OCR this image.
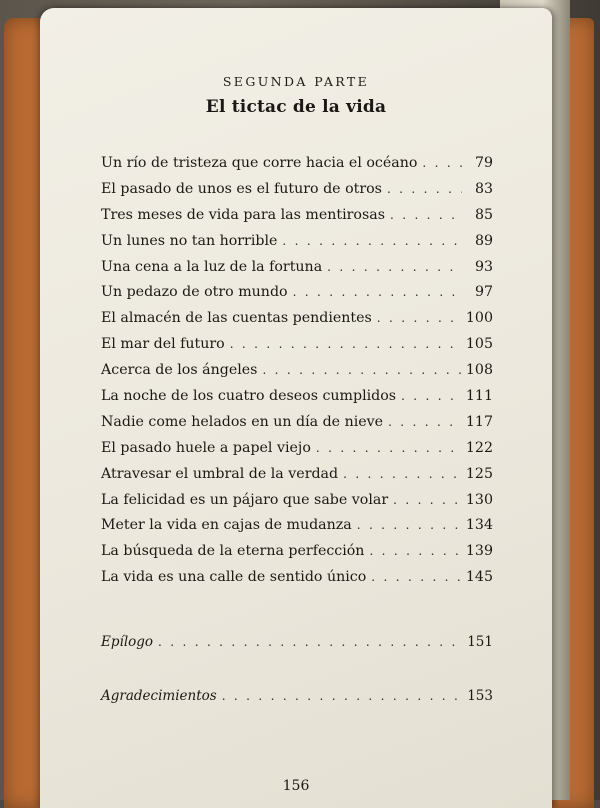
SEGUNDA PARTE
El tictac de la vida
Un río de tristeza que corre hacia el océano . . .	79
El pasado de unos es el futuro de otros . . .	83
Tres meses de vida para las mentirosas . . .	85
Un lunes no tan horrible . . .	89
Una cena a la luz de la fortuna . . .	93
Un pedazo de otro mundo . . .	97
El almacén de las cuentas pendientes . . .	100
El mar del futuro . . .	105
Acerca de los ángeles . . .	108
La noche de los cuatro deseos cumplidos . . .	111
Nadie come helados en un día de nieve . . .	117
El pasado huele a papel viejo . . .	122
Atravesar el umbral de la verdad . . .	125
La felicidad es un pájaro que sabe volar . . .	130
Meter la vida en cajas de mudanza . . .	134
La búsqueda de la eterna perfección . . .	139
La vida es una calle de sentido único . . .	145
Epílogo . . .	151
Agradecimientos . . .	153
156
